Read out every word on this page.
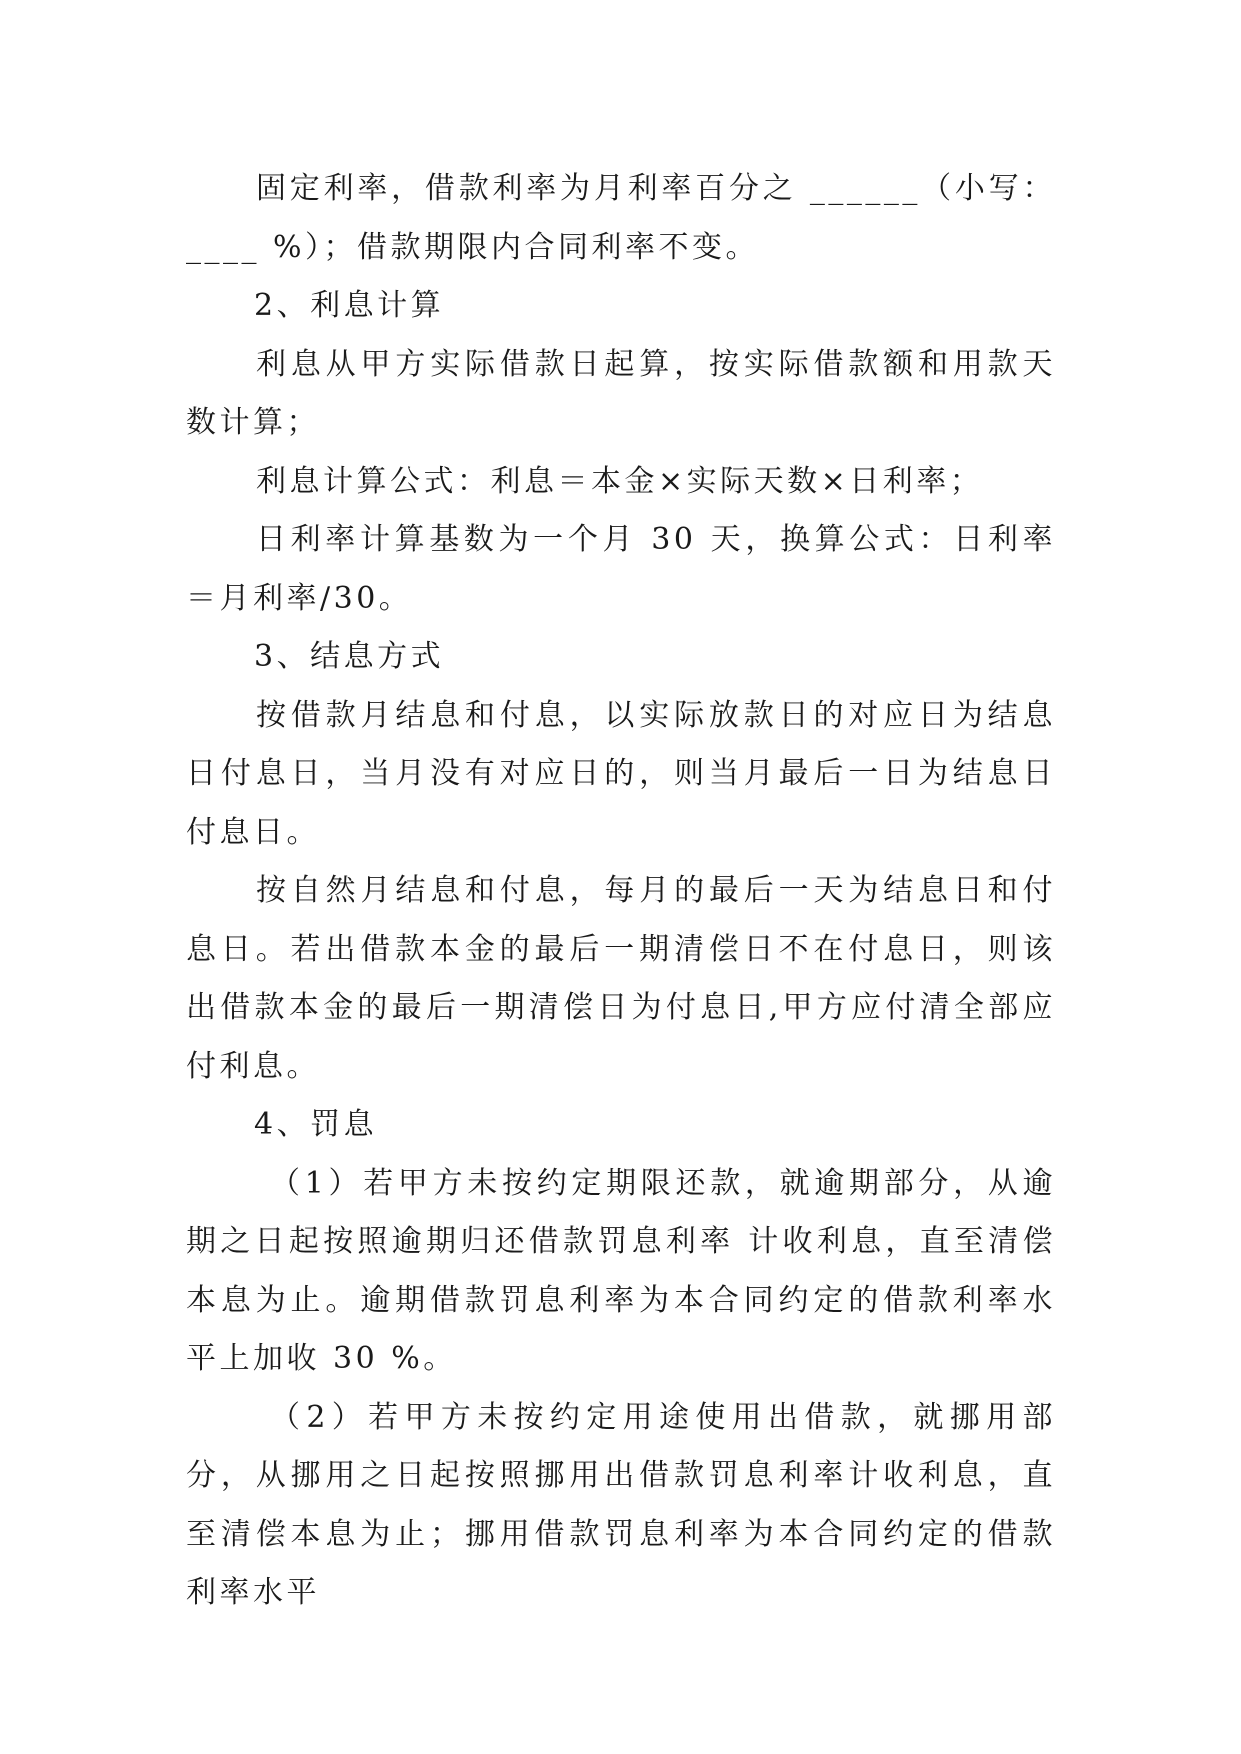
固定利率，借款利率为月利率百分之 ______（小写：____ %）；借款期限内合同利率不变。

2、利息计算

利息从甲方实际借款日起算，按实际借款额和用款天数计算；

利息计算公式：利息＝本金×实际天数×日利率；

日利率计算基数为一个月 30 天，换算公式：日利率＝月利率/30。

3、结息方式

按借款月结息和付息，以实际放款日的对应日为结息日付息日，当月没有对应日的，则当月最后一日为结息日付息日。

按自然月结息和付息，每月的最后一天为结息日和付息日。若出借款本金的最后一期清偿日不在付息日，则该出借款本金的最后一期清偿日为付息日,甲方应付清全部应付利息。

4、罚息

（1）若甲方未按约定期限还款，就逾期部分，从逾期之日起按照逾期归还借款罚息利率 计收利息，直至清偿本息为止。逾期借款罚息利率为本合同约定的借款利率水平上加收 30 %。

（2）若甲方未按约定用途使用出借款，就挪用部分，从挪用之日起按照挪用出借款罚息利率计收利息，直至清偿本息为止；挪用借款罚息利率为本合同约定的借款利率水平
